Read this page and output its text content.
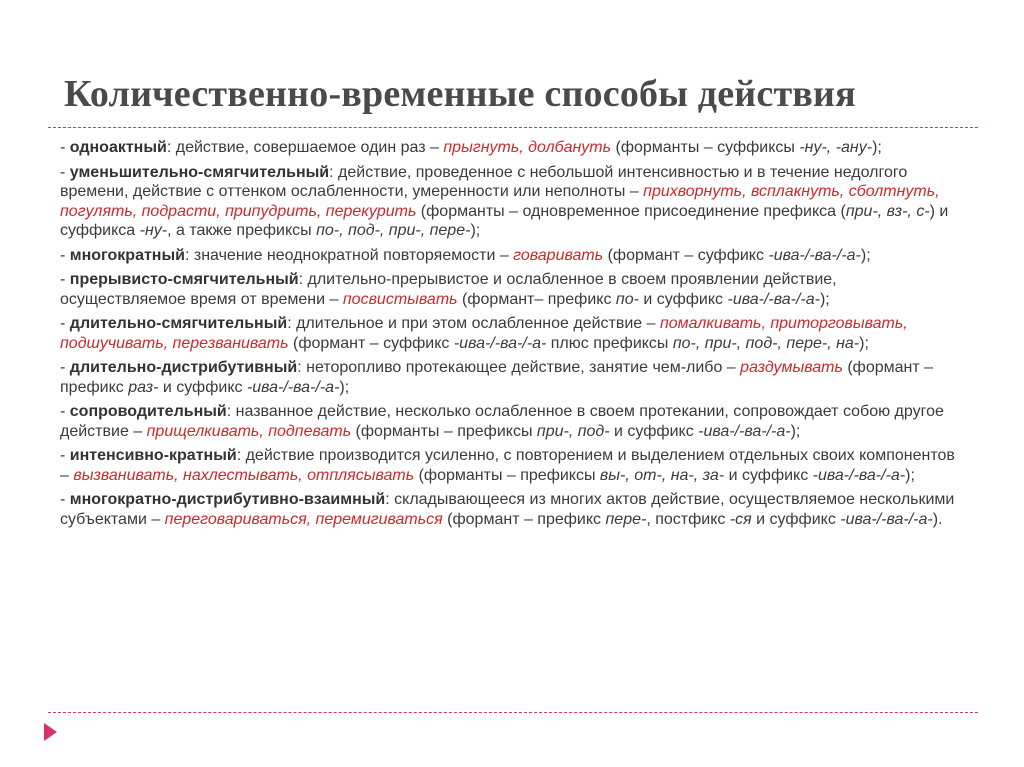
Количественно-временные способы действия

- одноактный: действие, совершаемое один раз – прыгнуть, долбануть (форманты – суффиксы -ну-, -ану-);

- уменьшительно-смягчительный: действие, проведенное с небольшой интенсивностью и в течение недолгого времени, действие с оттенком ослабленности, умеренности или неполноты – прихворнуть, всплакнуть, сболтнуть, погулять, подрасти, припудрить, перекурить (форманты – одновременное присоединение префикса (при-, вз-, с-) и суффикса -ну-, а также префиксы по-, под-, при-, пере-);

- многократный: значение неоднократной повторяемости – говаривать (формант – суффикс -ива-/-ва-/-а-);

- прерывисто-смягчительный: длительно-прерывистое и ослабленное в своем проявлении действие, осуществляемое время от времени – посвистывать (формант– префикс по- и суффикс -ива-/-ва-/-а-);

- длительно-смягчительный: длительное и при этом ослабленное действие – помалкивать, приторговывать, подшучивать, перезванивать (формант – суффикс -ива-/-ва-/-а- плюс префиксы по-, при-, под-, пере-, на-);

- длительно-дистрибутивный: неторопливо протекающее действие, занятие чем-либо – раздумывать (формант – префикс раз- и суффикс -ива-/-ва-/-а-);

- сопроводительный: названное действие, несколько ослабленное в своем протекании, сопровождает собою другое действие – прищелкивать, подпевать (форманты – префиксы при-, под- и суффикс -ива-/-ва-/-а-);

- интенсивно-кратный: действие производится усиленно, с повторением и выделением отдельных своих компонентов – вызванивать, нахлестывать, отплясывать (форманты – префиксы вы-, от-, на-, за- и суффикс -ива-/-ва-/-а-);

- многократно-дистрибутивно-взаимный: складывающееся из многих актов действие, осуществляемое несколькими субъектами – переговариваться, перемигиваться (формант – префикс пере-, постфикс -ся и суффикс -ива-/-ва-/-а-).
